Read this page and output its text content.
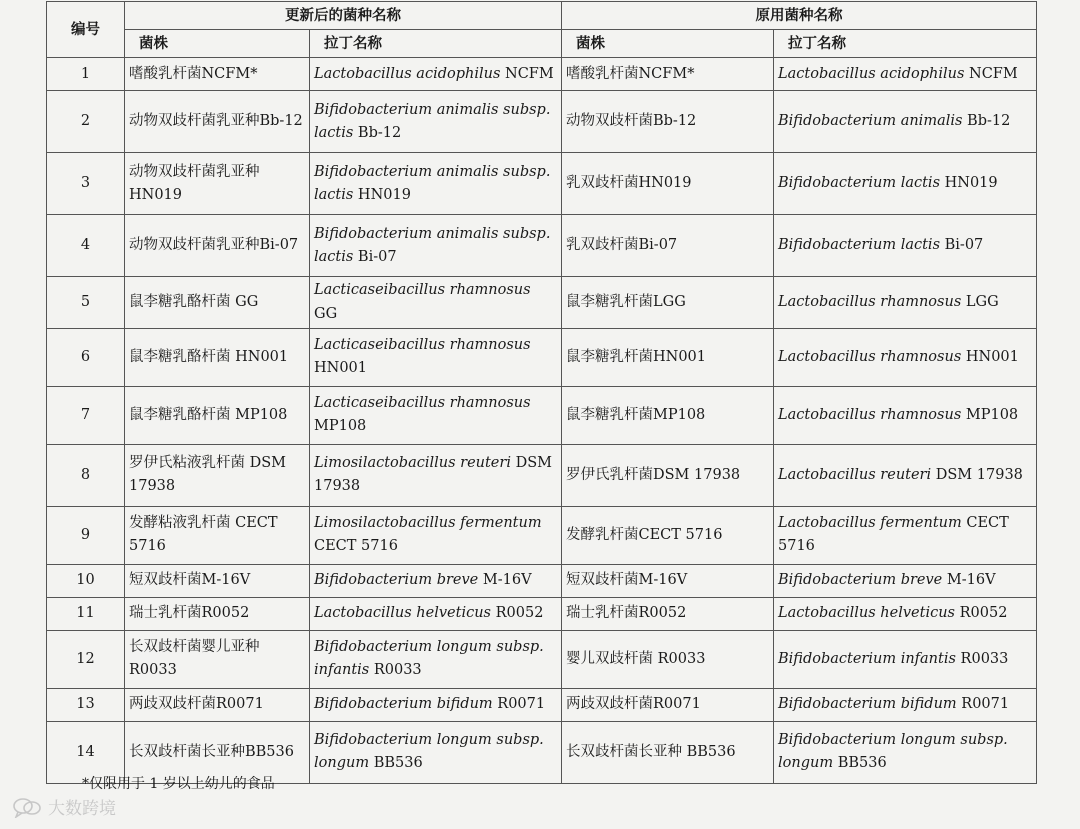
编号	更新后的菌种名称		原用菌种名称	
	菌株	拉丁名称	菌株	拉丁名称
1	嗜酸乳杆菌NCFM*	Lactobacillus acidophilus NCFM	嗜酸乳杆菌NCFM*	Lactobacillus acidophilus NCFM
2	动物双歧杆菌乳亚种Bb-12	Bifidobacterium animalis subsp. lactis Bb-12	动物双歧杆菌Bb-12	Bifidobacterium animalis Bb-12
3	动物双歧杆菌乳亚种HN019	Bifidobacterium animalis subsp. lactis HN019	乳双歧杆菌HN019	Bifidobacterium lactis HN019
4	动物双歧杆菌乳亚种Bi-07	Bifidobacterium animalis subsp. lactis Bi-07	乳双歧杆菌Bi-07	Bifidobacterium lactis Bi-07
5	鼠李糖乳酪杆菌 GG	Lacticaseibacillus rhamnosus GG	鼠李糖乳杆菌LGG	Lactobacillus rhamnosus LGG
6	鼠李糖乳酪杆菌 HN001	Lacticaseibacillus rhamnosus HN001	鼠李糖乳杆菌HN001	Lactobacillus rhamnosus HN001
7	鼠李糖乳酪杆菌 MP108	Lacticaseibacillus rhamnosus MP108	鼠李糖乳杆菌MP108	Lactobacillus rhamnosus MP108
8	罗伊氏粘液乳杆菌 DSM 17938	Limosilactobacillus reuteri DSM 17938	罗伊氏乳杆菌DSM 17938	Lactobacillus reuteri DSM 17938
9	发酵粘液乳杆菌 CECT 5716	Limosilactobacillus fermentum CECT 5716	发酵乳杆菌CECT 5716	Lactobacillus fermentum CECT 5716
10	短双歧杆菌M-16V	Bifidobacterium breve M-16V	短双歧杆菌M-16V	Bifidobacterium breve M-16V
11	瑞士乳杆菌R0052	Lactobacillus helveticus R0052	瑞士乳杆菌R0052	Lactobacillus helveticus R0052
12	长双歧杆菌婴儿亚种R0033	Bifidobacterium longum subsp. infantis R0033	婴儿双歧杆菌 R0033	Bifidobacterium infantis R0033
13	两歧双歧杆菌R0071	Bifidobacterium bifidum R0071	两歧双歧杆菌R0071	Bifidobacterium bifidum R0071
14	长双歧杆菌长亚种BB536	Bifidobacterium longum subsp. longum BB536	长双歧杆菌长亚种 BB536	Bifidobacterium longum subsp. longum BB536
*仅限用于 1 岁以上幼儿的食品
大数跨境
